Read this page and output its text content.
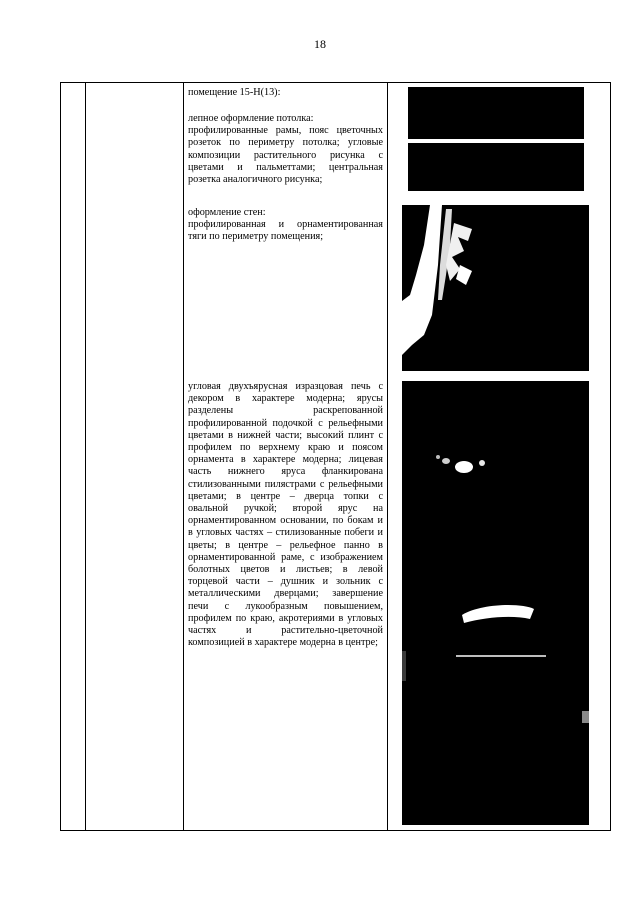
18

помещение 15-Н(13):

лепное оформление потолка:

профилированные рамы, пояс цветочных розеток по периметру потолка; угловые композиции растительного рисунка с цветами и пальметтами; центральная розетка аналогичного рисунка;

оформление стен:

профилированная и орнаментированная тяги по периметру помещения;

угловая двухъярусная изразцовая печь с декором в характере модерна; ярусы разделены раскрепованной профилированной подочкой с рельефными цветами в нижней части; высокий плинт с профилем по верхнему краю и поясом орнамента в характере модерна; лицевая часть нижнего яруса фланкирована стилизованными пилястрами с рельефными цветами; в центре – дверца топки с овальной ручкой; второй ярус на орнаментированном основании, по бокам и в угловых частях – стилизованные побеги и цветы; в центре – рельефное панно в орнаментированной раме, с изображением болотных цветов и листьев; в левой торцевой части – душник и зольник с металлическими дверцами; завершение печи с лукообразным повышением, профилем по краю, акротериями в угловых частях и растительно-цветочной композицией в характере модерна в центре;
